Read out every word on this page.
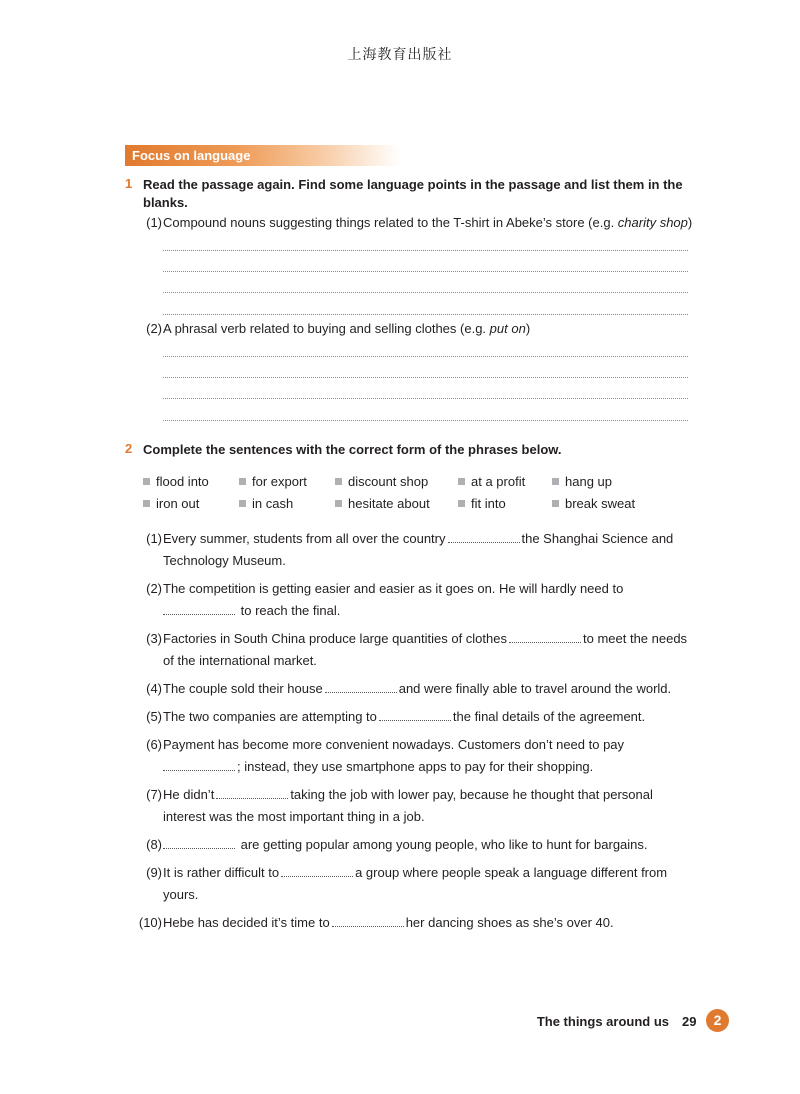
上海教育出版社
Focus on language
1 Read the passage again. Find some language points in the passage and list them in the blanks.
(1) Compound nouns suggesting things related to the T-shirt in Abeke’s store (e.g. charity shop)
(2) A phrasal verb related to buying and selling clothes (e.g. put on)
2 Complete the sentences with the correct form of the phrases below.
flood into	for export	discount shop	at a profit	hang up
iron out	in cash	hesitate about	fit into	break sweat
(1) Every summer, students from all over the country	the Shanghai Science and
Technology Museum.
(2) The competition is getting easier and easier as it goes on. He will hardly need to
to reach the final.
(3) Factories in South China produce large quantities of clothes	to meet the needs
of the international market.
(4) The couple sold their house	and were finally able to travel around the world.
(5) The two companies are attempting to	the final details of the agreement.
(6) Payment has become more convenient nowadays. Customers don’t need to pay
; instead, they use smartphone apps to pay for their shopping.
(7) He didn’t	taking the job with lower pay, because he thought that personal
interest was the most important thing in a job.
(8)	are getting popular among young people, who like to hunt for bargains.
(9) It is rather difficult to	a group where people speak a language different from
yours.
(10) Hebe has decided it’s time to	her dancing shoes as she’s over 40.
The things around us 29	2
